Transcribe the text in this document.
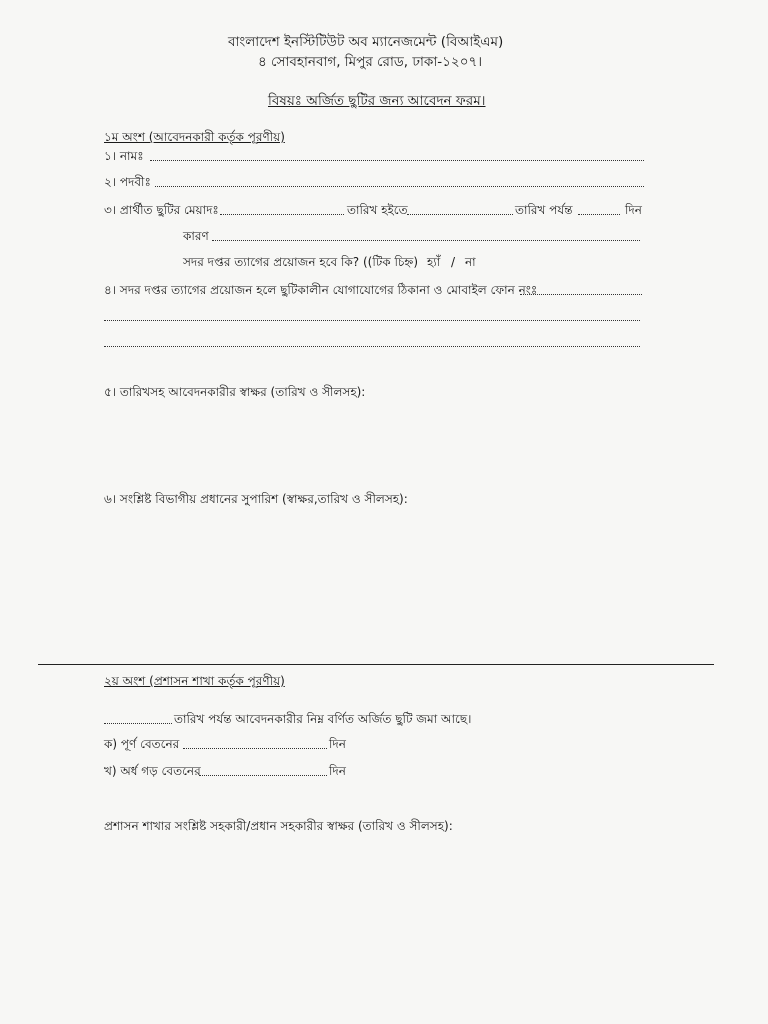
বাংলাদেশ ইনস্টিটিউট অব ম্যানেজমেন্ট (বিআইএম)
৪ সোবহানবাগ, মিপুর রোড, ঢাকা-১২০৭।
বিষয়ঃ অর্জিত ছুটির জন্য আবেদন ফরম।
১ম অংশ (আবেদনকারী কর্তৃক পূরণীয়)
১। নামঃ
২। পদবীঃ
৩। প্রার্থীত ছুটির মেয়াদঃ	তারিখ হইতে	তারিখ পর্যন্ত	দিন
কারণ
সদর দপ্তর ত্যাগের প্রয়োজন হবে কি? ((টিক চিহ্ন) হ্যাঁ / না
৪। সদর দপ্তর ত্যাগের প্রয়োজন হলে ছুটিকালীন যোগাযোগের ঠিকানা ও মোবাইল ফোন নংঃ
৫। তারিখসহ আবেদনকারীর স্বাক্ষর (তারিখ ও সীলসহ):
৬। সংশ্লিষ্ট বিভাগীয় প্রধানের সুপারিশ (স্বাক্ষর,তারিখ ও সীলসহ):
২য় অংশ (প্রশাসন শাখা কর্তৃক পূরণীয়)
তারিখ পর্যন্ত আবেদনকারীর নিম্ন বর্ণিত অর্জিত ছুটি জমা আছে।
ক) পূর্ণ বেতনের	দিন
খ) অর্ধ গড় বেতনের	দিন
প্রশাসন শাখার সংশ্লিষ্ট সহকারী/প্রধান সহকারীর স্বাক্ষর (তারিখ ও সীলসহ):
